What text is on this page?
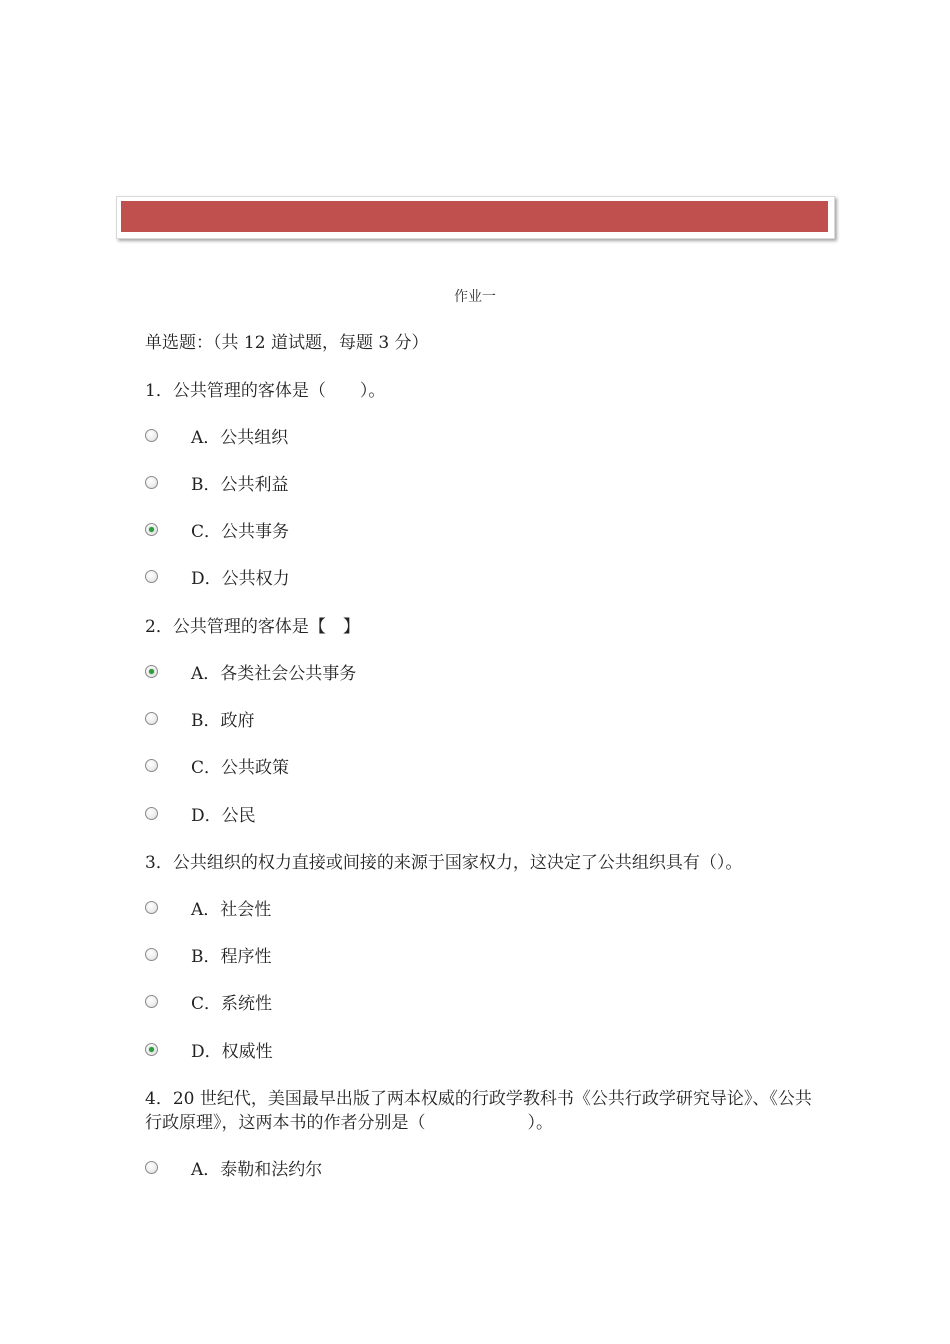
作业一
单选题：（共 12 道试题，每题 3 分）
1．公共管理的客体是（　　）。
A．公共组织
B．公共利益
C．公共事务
D．公共权力
2．公共管理的客体是【　】
A．各类社会公共事务
B．政府
C．公共政策
D．公民
3．公共组织的权力直接或间接的来源于国家权力，这决定了公共组织具有（）。
A．社会性
B．程序性
C．系统性
D．权威性
4．20 世纪代，美国最早出版了两本权威的行政学教科书《公共行政学研究导论》、《公共行政原理》，这两本书的作者分别是（　　　　　　）。
A．泰勒和法约尔
